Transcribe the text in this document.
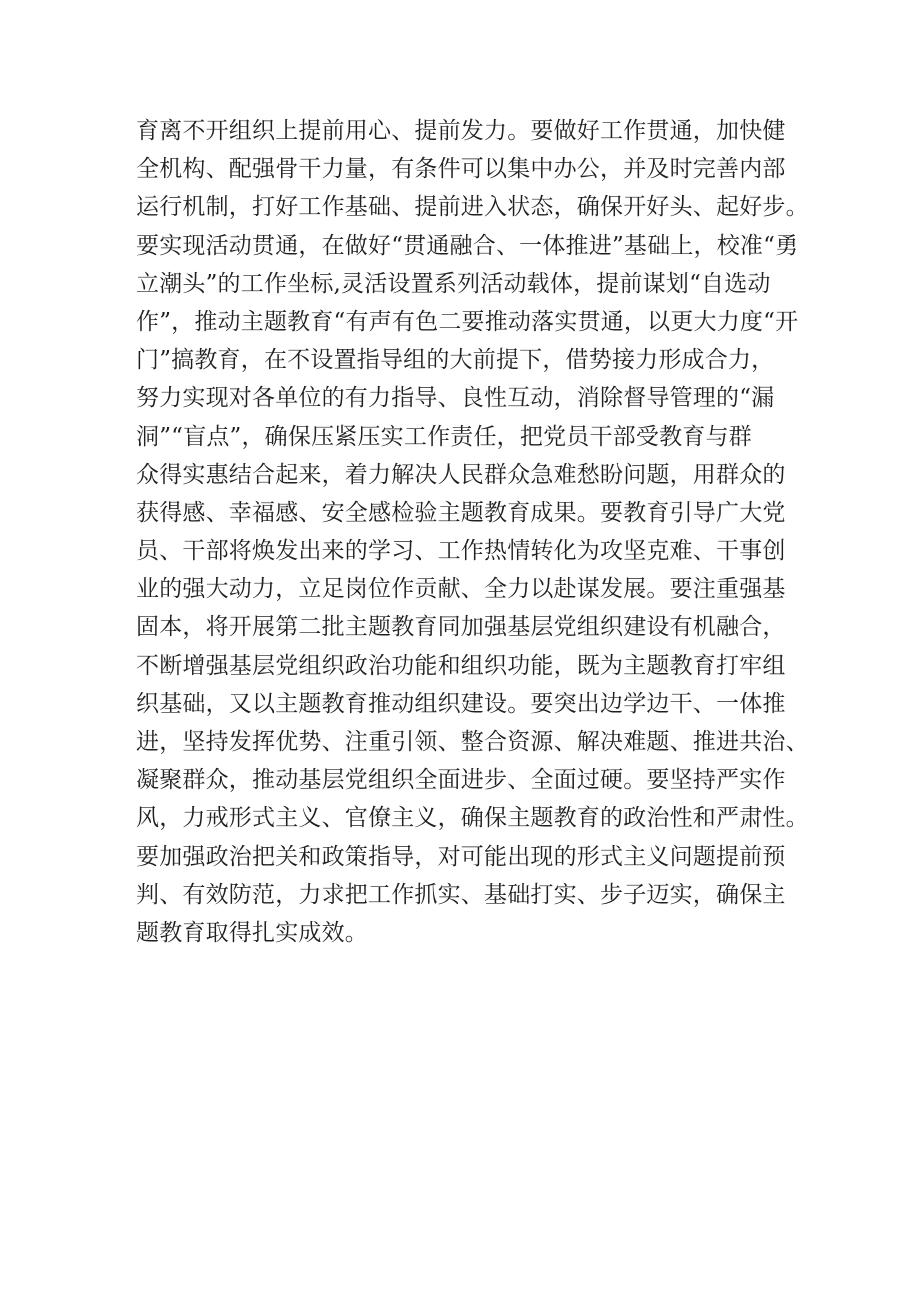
育离不开组织上提前用心、提前发力。要做好工作贯通，加快健
全机构、配强骨干力量，有条件可以集中办公，并及时完善内部
运行机制，打好工作基础、提前进入状态，确保开好头、起好步。
要实现活动贯通，在做好“贯通融合、一体推进”基础上，校准“勇
立潮头”的工作坐标,灵活设置系列活动载体，提前谋划“自选动
作”，推动主题教育“有声有色二要推动落实贯通，以更大力度“开
门”搞教育，在不设置指导组的大前提下，借势接力形成合力，
努力实现对各单位的有力指导、良性互动，消除督导管理的“漏
洞”“盲点”，确保压紧压实工作责任，把党员干部受教育与群
众得实惠结合起来，着力解决人民群众急难愁盼问题，用群众的
获得感、幸福感、安全感检验主题教育成果。要教育引导广大党
员、干部将焕发出来的学习、工作热情转化为攻坚克难、干事创
业的强大动力，立足岗位作贡献、全力以赴谋发展。要注重强基
固本，将开展第二批主题教育同加强基层党组织建设有机融合，
不断增强基层党组织政治功能和组织功能，既为主题教育打牢组
织基础，又以主题教育推动组织建设。要突出边学边干、一体推
进，坚持发挥优势、注重引领、整合资源、解决难题、推进共治、
凝聚群众，推动基层党组织全面进步、全面过硬。要坚持严实作
风，力戒形式主义、官僚主义，确保主题教育的政治性和严肃性。
要加强政治把关和政策指导，对可能出现的形式主义问题提前预
判、有效防范，力求把工作抓实、基础打实、步子迈实，确保主
题教育取得扎实成效。
